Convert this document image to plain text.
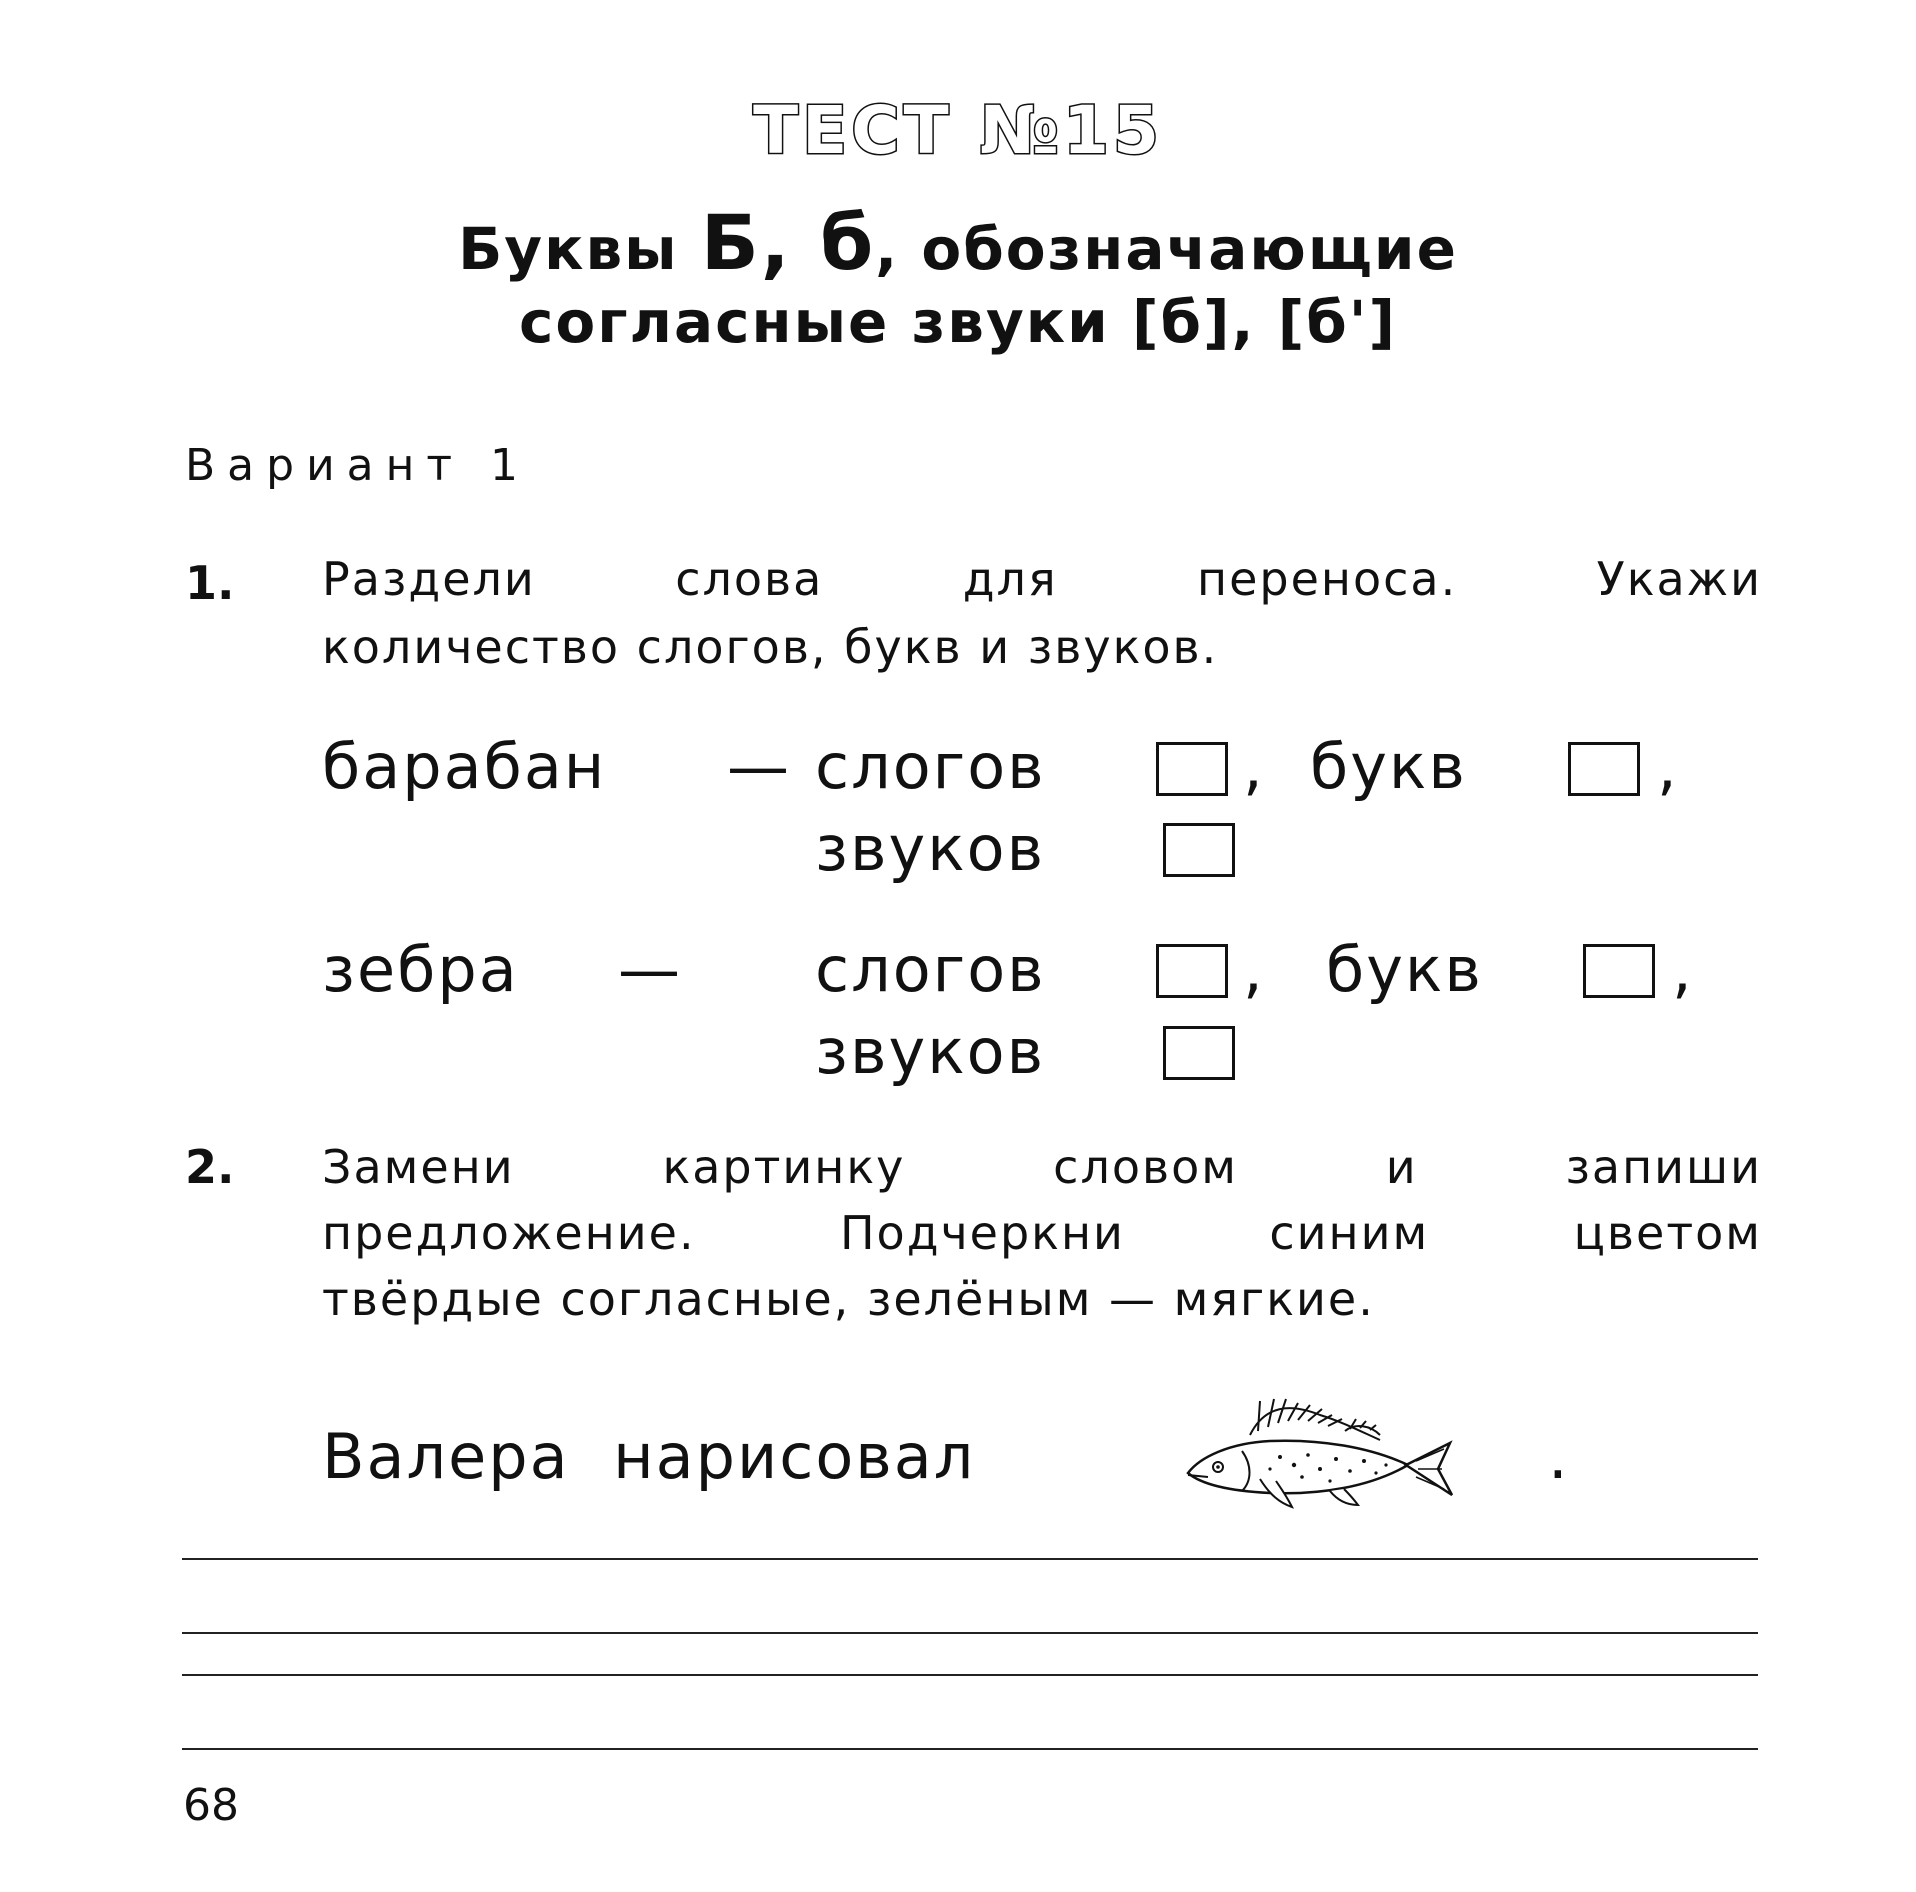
ТЕСТ №15
Буквы Б, б, обозначающие
согласные звуки [б], [б']
Вариант 1
1. Раздели	слова	для	переноса.	Укажи
количество слогов, букв и звуков.
барабан — слогов	, букв	,
звуков
зебра — слогов	, букв	,
звуков
2. Замени	картинку	словом	и	запиши
предложение.	Подчеркни	синим	цветом
твёрдые согласные, зелёным — мягкие.
Валера  нарисовал	.
68
